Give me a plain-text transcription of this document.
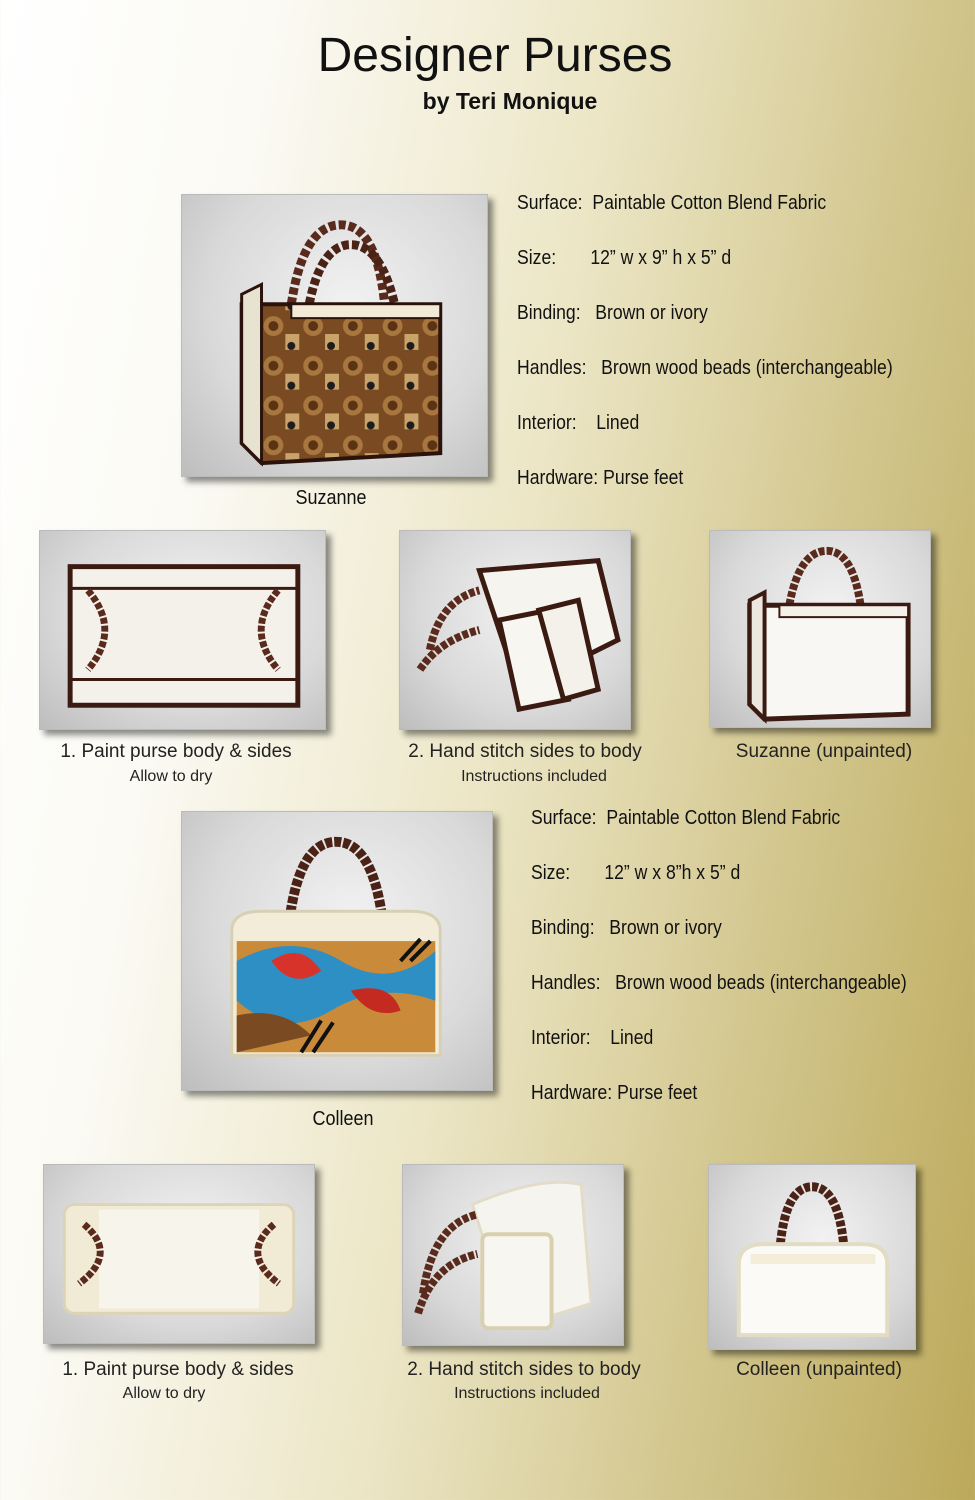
Designer Purses
by Teri Monique
Suzanne
Surface:  Paintable Cotton Blend Fabric
Size:       12” w x 9” h x 5” d
Binding:   Brown or ivory
Handles:   Brown wood beads (interchangeable)
Interior:    Lined
Hardware: Purse feet
1. Paint purse body & sides
Allow to dry
2. Hand stitch sides to body
Instructions included
Suzanne (unpainted)
Colleen
Surface:  Paintable Cotton Blend Fabric
Size:       12” w x 8”h x 5” d
Binding:   Brown or ivory
Handles:   Brown wood beads (interchangeable)
Interior:    Lined
Hardware: Purse feet
1. Paint purse body & sides
Allow to dry
2. Hand stitch sides to body
Instructions included
Colleen (unpainted)
